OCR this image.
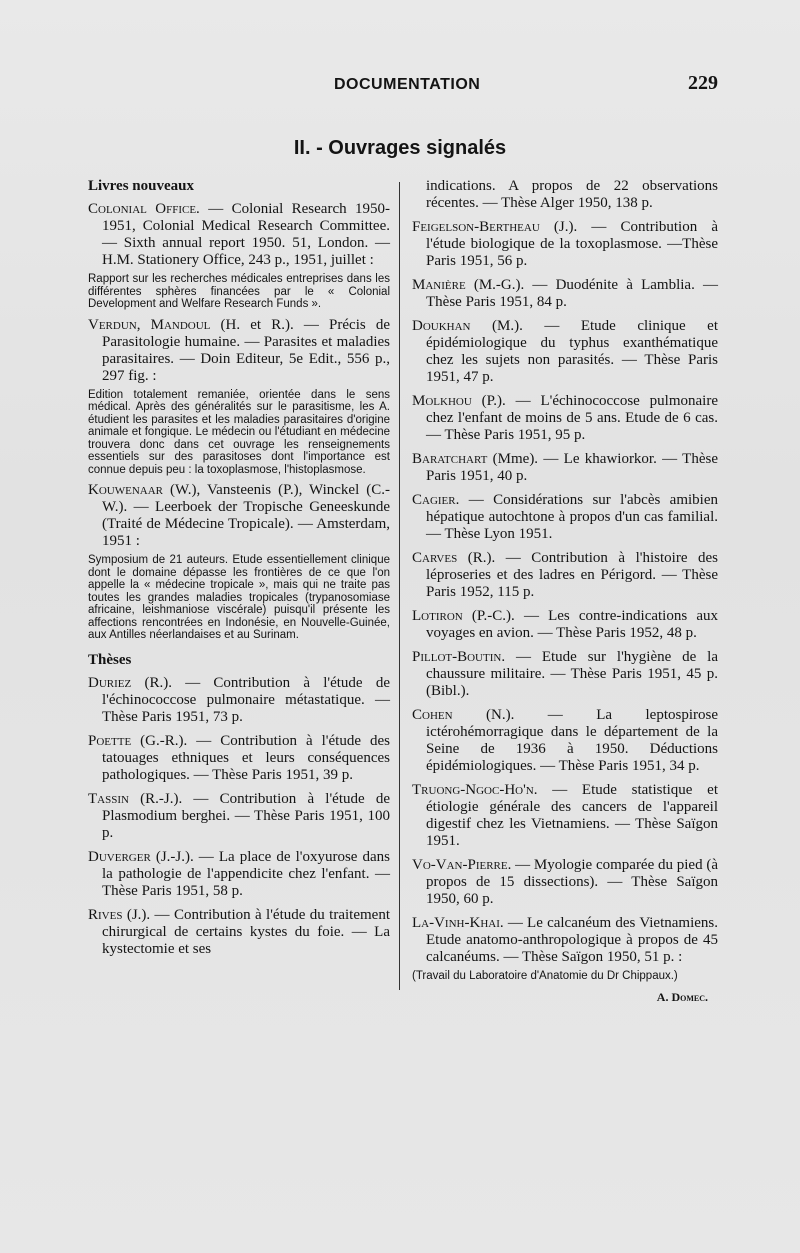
DOCUMENTATION	229
II. - Ouvrages signalés
Livres nouveaux
Colonial Office. — Colonial Research 1950-1951, Colonial Medical Research Committee. — Sixth annual report 1950. 51, London. — H.M. Stationery Office, 243 p., 1951, juillet :
Rapport sur les recherches médicales entreprises dans les différentes sphères financées par le « Colonial Development and Welfare Research Funds ».
Verdun, Mandoul (H. et R.). — Précis de Parasitologie humaine. — Parasites et maladies parasitaires. — Doin Editeur, 5e Edit., 556 p., 297 fig. :
Edition totalement remaniée, orientée dans le sens médical. Après des généralités sur le parasitisme, les A. étudient les parasites et les maladies parasitaires d'origine animale et fongique. Le médecin ou l'étudiant en médecine trouvera donc dans cet ouvrage les renseignements essentiels sur des parasitoses dont l'importance est connue depuis peu : la toxoplasmose, l'histoplasmose.
Kouwenaar (W.), Vansteenis (P.), Winckel (C.-W.). — Leerboek der Tropische Geneeskunde (Traité de Médecine Tropicale). — Amsterdam, 1951 :
Symposium de 21 auteurs. Etude essentiellement clinique dont le domaine dépasse les frontières de ce que l'on appelle la « médecine tropicale », mais qui ne traite pas toutes les grandes maladies tropicales (trypanosomiase africaine, leishmaniose viscérale) puisqu'il présente les affections rencontrées en Indonésie, en Nouvelle-Guinée, aux Antilles néerlandaises et au Surinam.
Thèses
Duriez (R.). — Contribution à l'étude de l'échinococcose pulmonaire métastatique. — Thèse Paris 1951, 73 p.
Poette (G.-R.). — Contribution à l'étude des tatouages ethniques et leurs conséquences pathologiques. — Thèse Paris 1951, 39 p.
Tassin (R.-J.). — Contribution à l'étude de Plasmodium berghei. — Thèse Paris 1951, 100 p.
Duverger (J.-J.). — La place de l'oxyurose dans la pathologie de l'appendicite chez l'enfant. — Thèse Paris 1951, 58 p.
Rives (J.). — Contribution à l'étude du traitement chirurgical de certains kystes du foie. — La kystectomie et ses
indications. A propos de 22 observations récentes. — Thèse Alger 1950, 138 p.
Feigelson-Bertheau (J.). — Contribution à l'étude biologique de la toxoplasmose. —Thèse Paris 1951, 56 p.
Manière (M.-G.). — Duodénite à Lamblia. — Thèse Paris 1951, 84 p.
Doukhan (M.). — Etude clinique et épidémiologique du typhus exanthématique chez les sujets non parasités. — Thèse Paris 1951, 47 p.
Molkhou (P.). — L'échinococcose pulmonaire chez l'enfant de moins de 5 ans. Etude de 6 cas. — Thèse Paris 1951, 95 p.
Baratchart (Mme). — Le khawiorkor. — Thèse Paris 1951, 40 p.
Cagier. — Considérations sur l'abcès amibien hépatique autochtone à propos d'un cas familial. — Thèse Lyon 1951.
Carves (R.). — Contribution à l'histoire des léproseries et des ladres en Périgord. — Thèse Paris 1952, 115 p.
Lotiron (P.-C.). — Les contre-indications aux voyages en avion. — Thèse Paris 1952, 48 p.
Pillot-Boutin. — Etude sur l'hygiène de la chaussure militaire. — Thèse Paris 1951, 45 p. (Bibl.).
Cohen (N.). — La leptospirose ictérohémorragique dans le département de la Seine de 1936 à 1950. Déductions épidémiologiques. — Thèse Paris 1951, 34 p.
Truong-Ngoc-Ho'n. — Etude statistique et étiologie générale des cancers de l'appareil digestif chez les Vietnamiens. — Thèse Saïgon 1951.
Vo-Van-Pierre. — Myologie comparée du pied (à propos de 15 dissections). — Thèse Saïgon 1950, 60 p.
La-Vinh-Khai. — Le calcanéum des Vietnamiens. Etude anatomo-anthropologique à propos de 45 calcanéums. — Thèse Saïgon 1950, 51 p. :
(Travail du Laboratoire d'Anatomie du Dr Chippaux.)
A. Domec.
